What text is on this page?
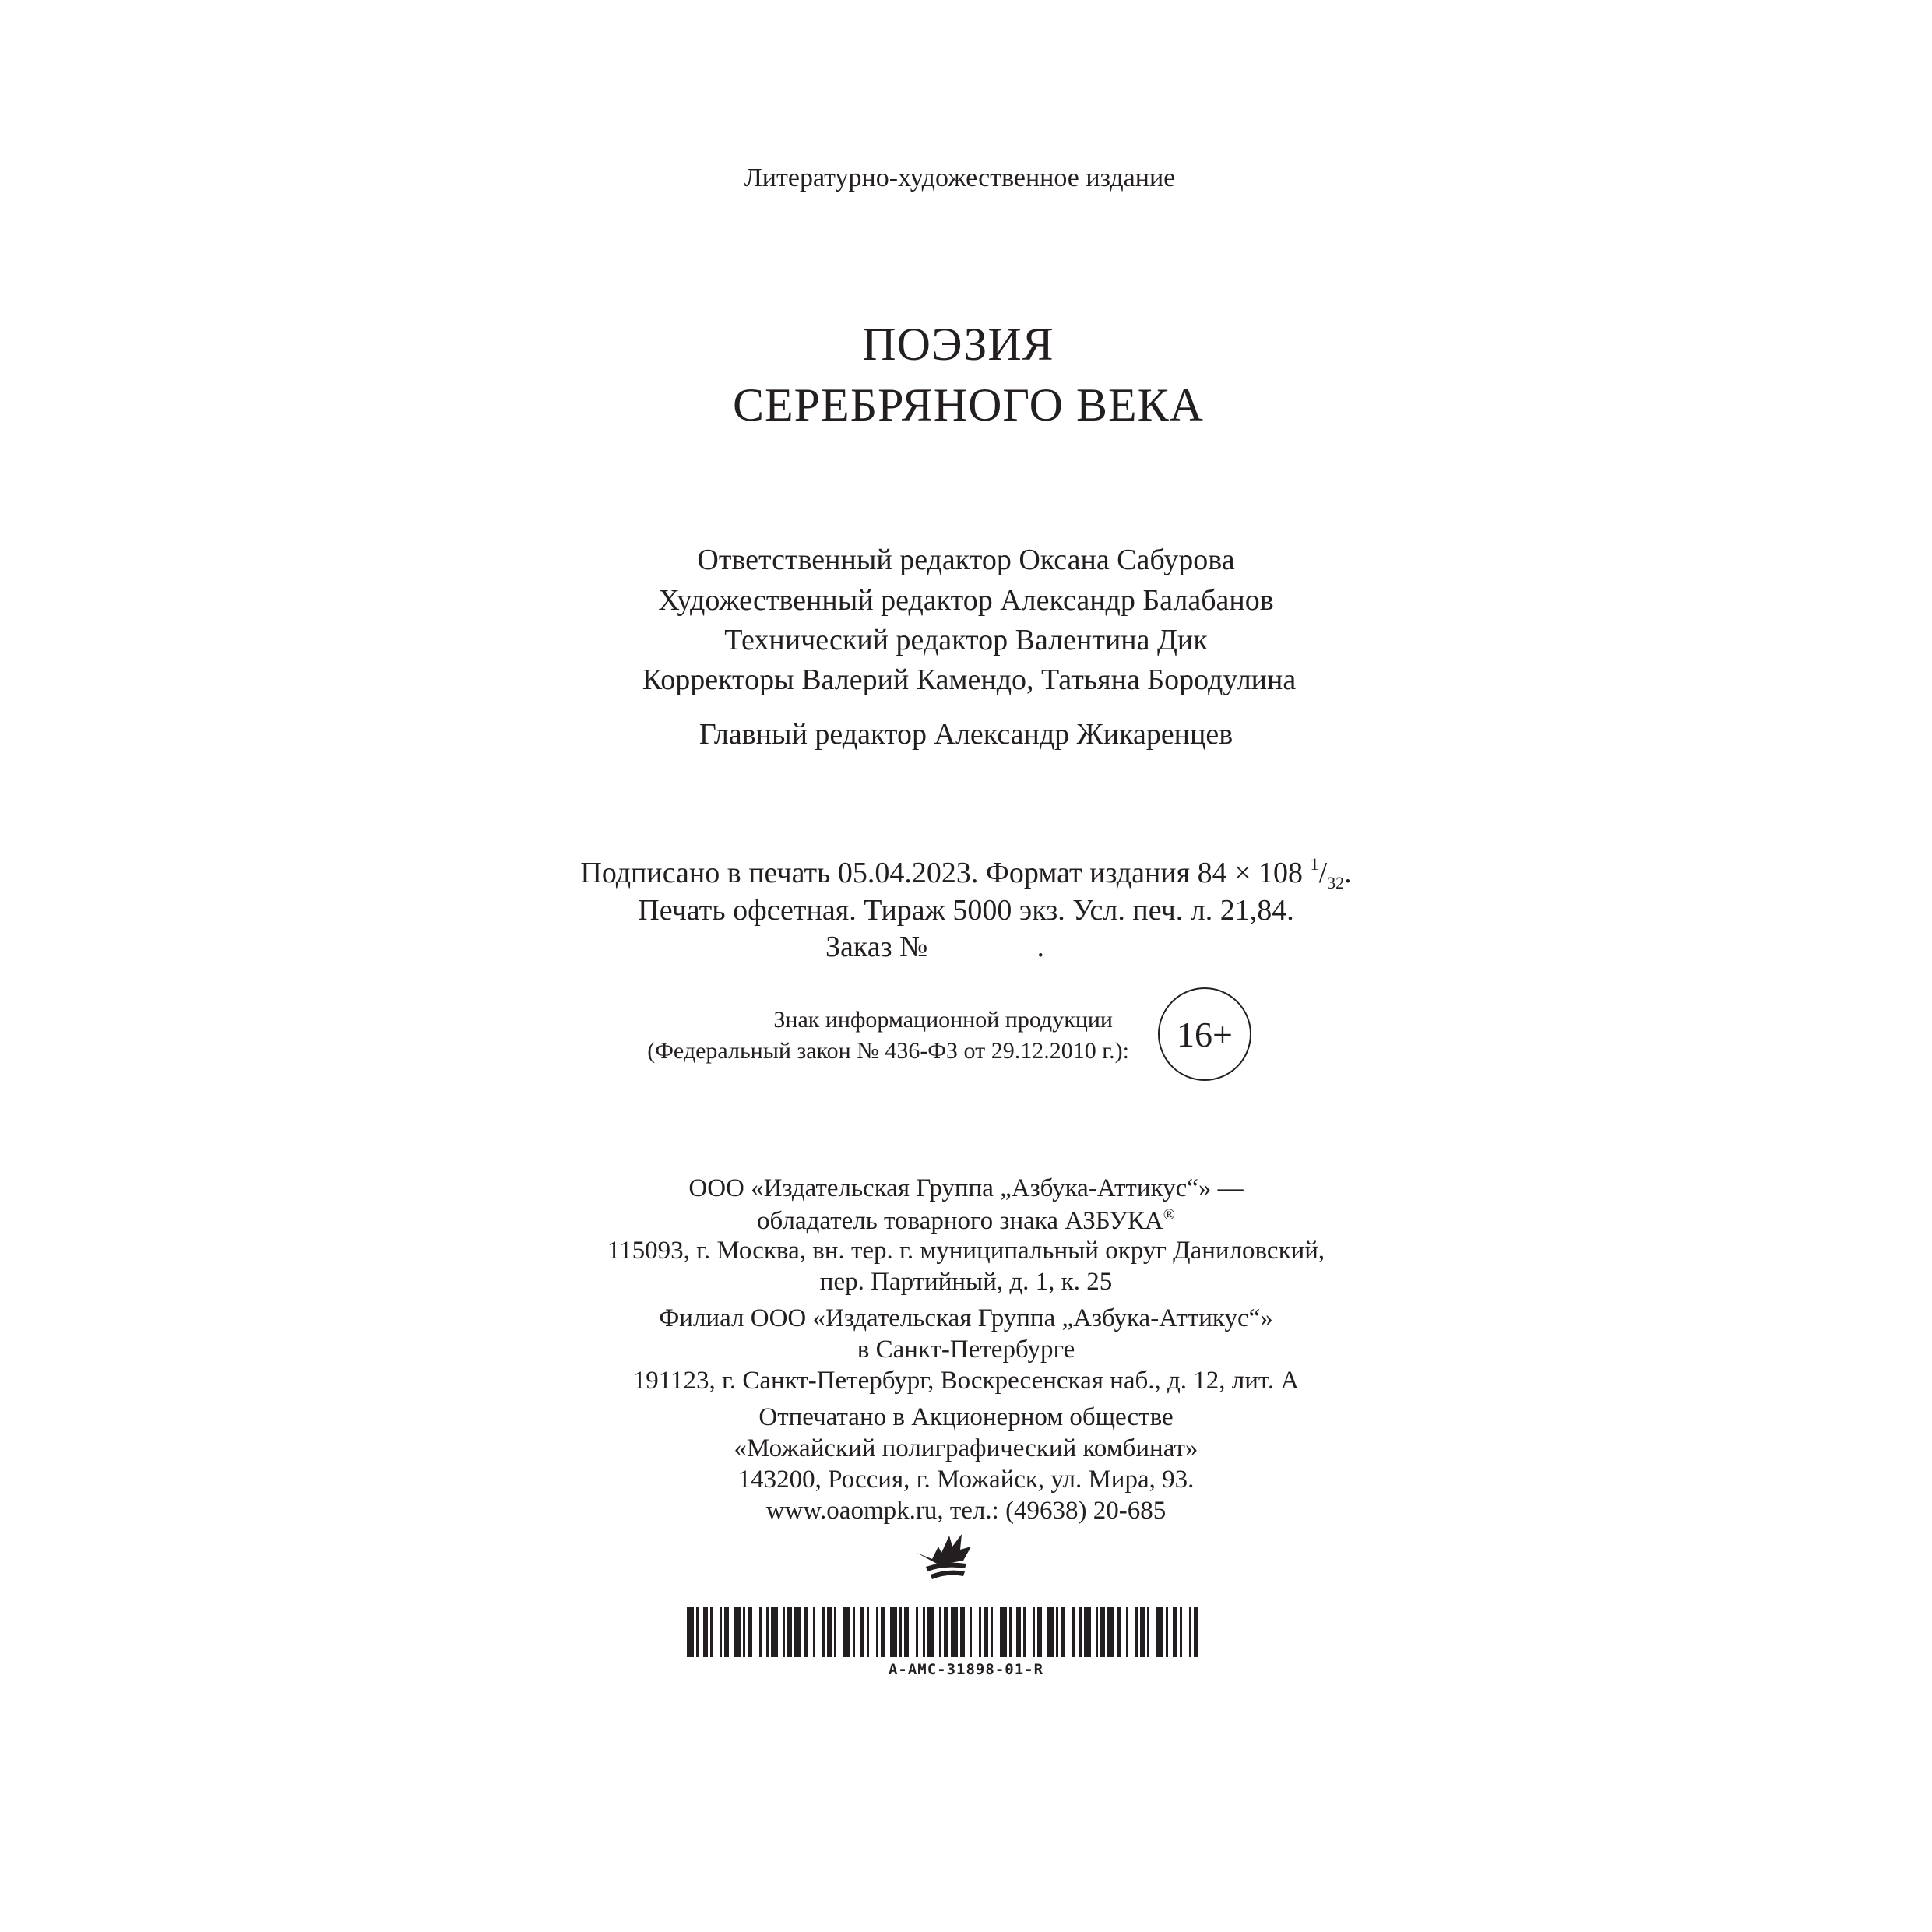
Литературно-художественное издание
ПОЭЗИЯ
СЕРЕБРЯНОГО ВЕКА
Ответственный редактор Оксана Сабурова
Художественный редактор Александр Балабанов
Технический редактор Валентина Дик
Корректоры Валерий Камендо, Татьяна Бородулина
Главный редактор Александр Жикаренцев
Подписано в печать 05.04.2023. Формат издания 84 × 108 $^1/_{32}$.
Печать офсетная. Тираж 5000 экз. Усл. печ. л. 21,84.
Заказ №	.
Знак информационной продукции
(Федеральный закон № 436-ФЗ от 29.12.2010 г.): 16+
ООО «Издательская Группа „Азбука-Аттикус“» —
обладатель товарного знака АЗБУКА®
115093, г. Москва, вн. тер. г. муниципальный округ Даниловский,
пер. Партийный, д. 1, к. 25
Филиал ООО «Издательская Группа „Азбука-Аттикус“»
в Санкт-Петербурге
191123, г. Санкт-Петербург, Воскресенская наб., д. 12, лит. А
Отпечатано в Акционерном обществе
«Можайский полиграфический комбинат»
143200, Россия, г. Можайск, ул. Мира, 93.
www.oaompk.ru, тел.: (49638) 20-685
A-AMC-31898-01-R
